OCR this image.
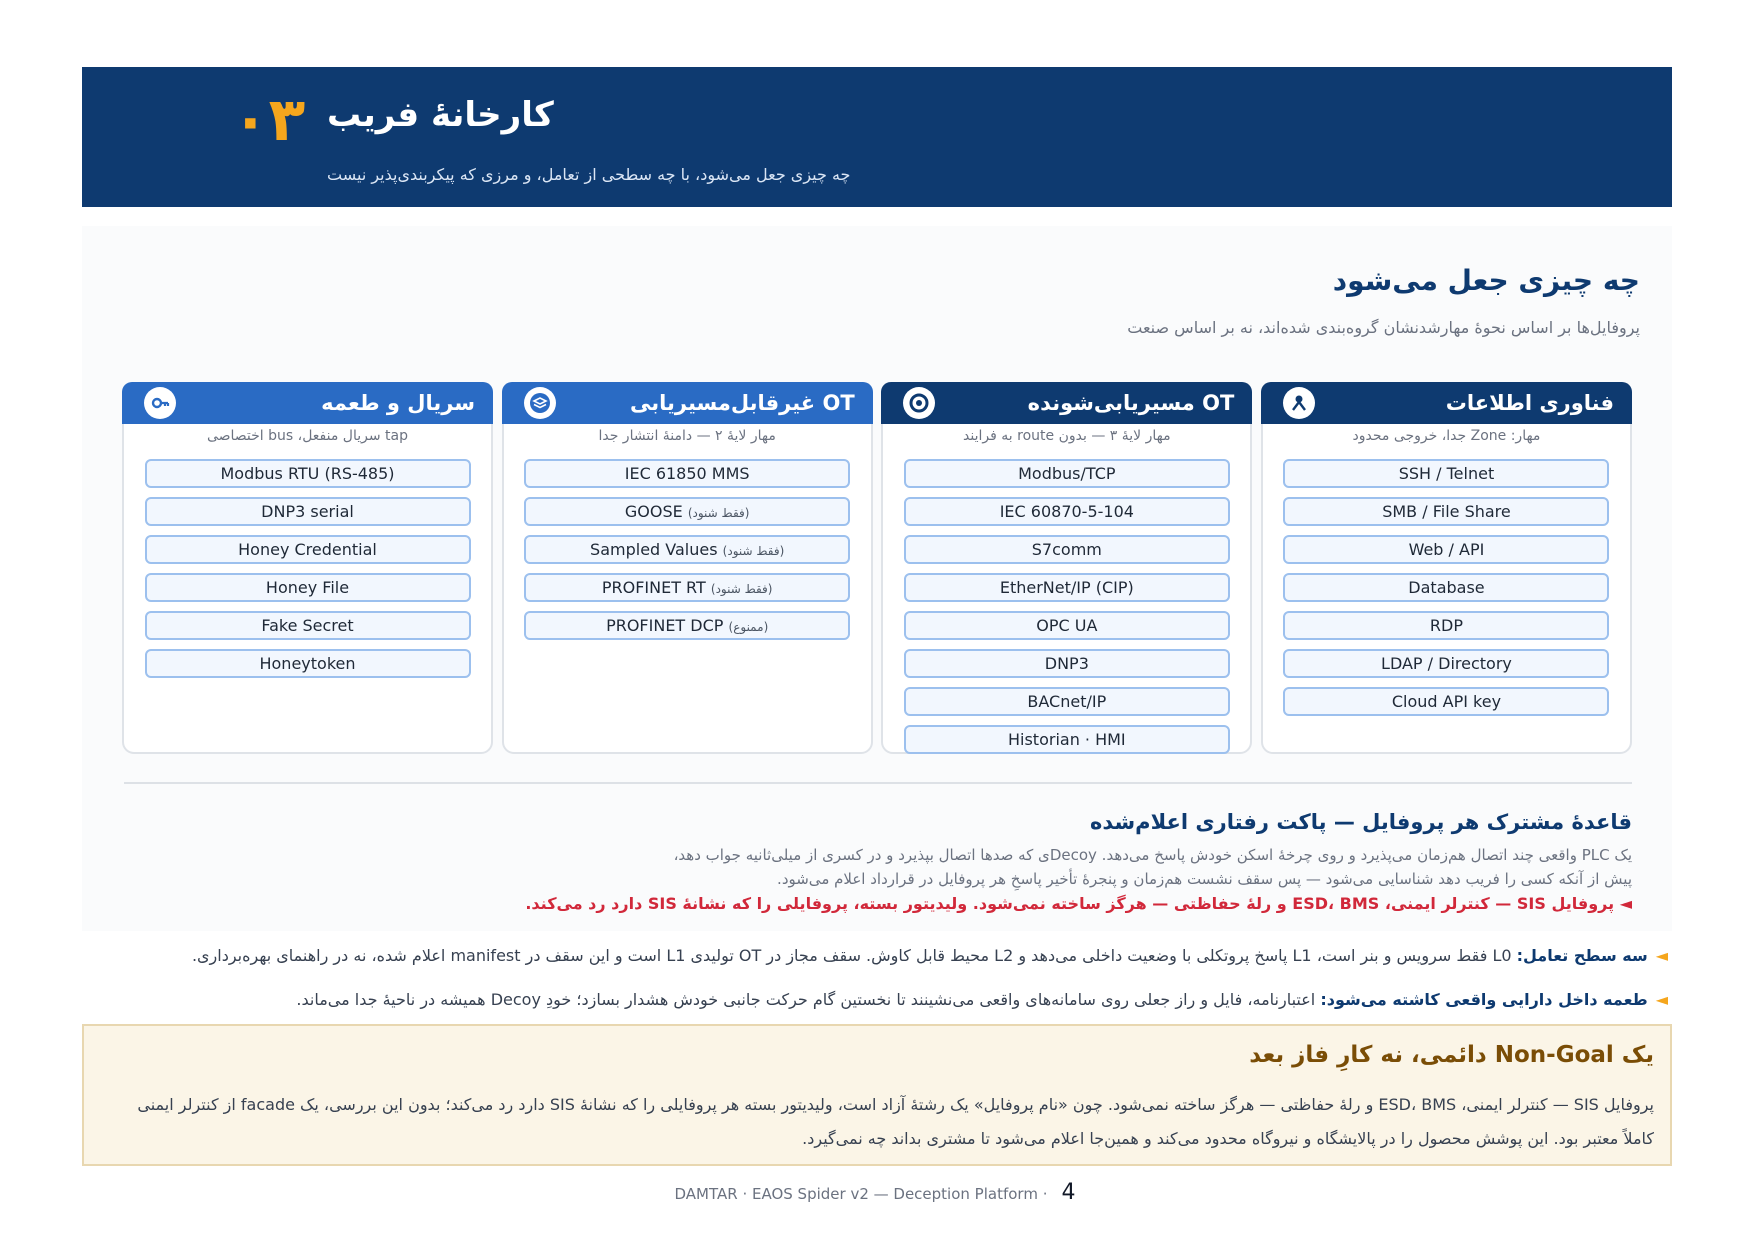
۰۳ کارخانهٔ فریب
چه چیزی جعل می‌شود، با چه سطحی از تعامل، و مرزی که پیکربندی‌پذیر نیست
چه چیزی جعل می‌شود
پروفایل‌ها بر اساس نحوهٔ مهارشدنشان گروه‌بندی شده‌اند، نه بر اساس صنعت
فناوری اطلاعات
مهار: Zone جدا، خروجی محدود
SSH / Telnet
SMB / File Share
Web / API
Database
RDP
LDAP / Directory
Cloud API key
OT مسیریابی‌شونده
مهار لایهٔ ۳ — بدون route به فرایند
Modbus/TCP
IEC 60870-5-104
S7comm
EtherNet/IP (CIP)
OPC UA
DNP3
BACnet/IP
Historian · HMI
OT غیرقابل‌مسیریابی
مهار لایهٔ ۲ — دامنهٔ انتشار جدا
IEC 61850 MMS
GOOSE (فقط شنود)
Sampled Values (فقط شنود)
PROFINET RT (فقط شنود)
PROFINET DCP (ممنوع)
سریال و طعمه
tap سریال منفعل، bus اختصاصی
Modbus RTU (RS-485)
DNP3 serial
Honey Credential
Honey File
Fake Secret
Honeytoken
قاعدهٔ مشترک هر پروفایل — پاکت رفتاری اعلام‌شده
یک PLC واقعی چند اتصال هم‌زمان می‌پذیرد و روی چرخهٔ اسکن خودش پاسخ می‌دهد. Decoyی که صدها اتصال بپذیرد و در کسری از میلی‌ثانیه جواب دهد،
پیش از آنکه کسی را فریب دهد شناسایی می‌شود — پس سقف نشست هم‌زمان و پنجرهٔ تأخیر پاسخِ هر پروفایل در قرارداد اعلام می‌شود.
◄ پروفایل SIS — کنترلر ایمنی، ESD، BMS و رلهٔ حفاظتی — هرگز ساخته نمی‌شود. ولیدیتور بسته، پروفایلی را که نشانهٔ SIS دارد رد می‌کند.
◄سه سطح تعامل: L0 فقط سرویس و بنر است، L1 پاسخ پروتکلی با وضعیت داخلی می‌دهد و L2 محیط قابل کاوش. سقف مجاز در OT تولیدی L1 است و این سقف در manifest اعلام شده، نه در راهنمای بهره‌برداری.
◄طعمه داخل دارایی واقعی کاشته می‌شود: اعتبارنامه، فایل و راز جعلی روی سامانه‌های واقعی می‌نشینند تا نخستین گام حرکت جانبی خودش هشدار بسازد؛ خودِ Decoy همیشه در ناحیهٔ جدا می‌ماند.
یک Non-Goal دائمی، نه کارِ فاز بعد
پروفایل SIS — کنترلر ایمنی، ESD، BMS و رلهٔ حفاظتی — هرگز ساخته نمی‌شود. چون «نام پروفایل» یک رشتهٔ آزاد است، ولیدیتور بسته هر پروفایلی را که نشانهٔ SIS دارد رد می‌کند؛ بدون این بررسی، یک facade از کنترلر ایمنی کاملاً معتبر بود. این پوشش محصول را در پالایشگاه و نیروگاه محدود می‌کند و همین‌جا اعلام می‌شود تا مشتری بداند چه نمی‌گیرد.
DAMTAR · EAOS Spider v2 — Deception Platform · 4
